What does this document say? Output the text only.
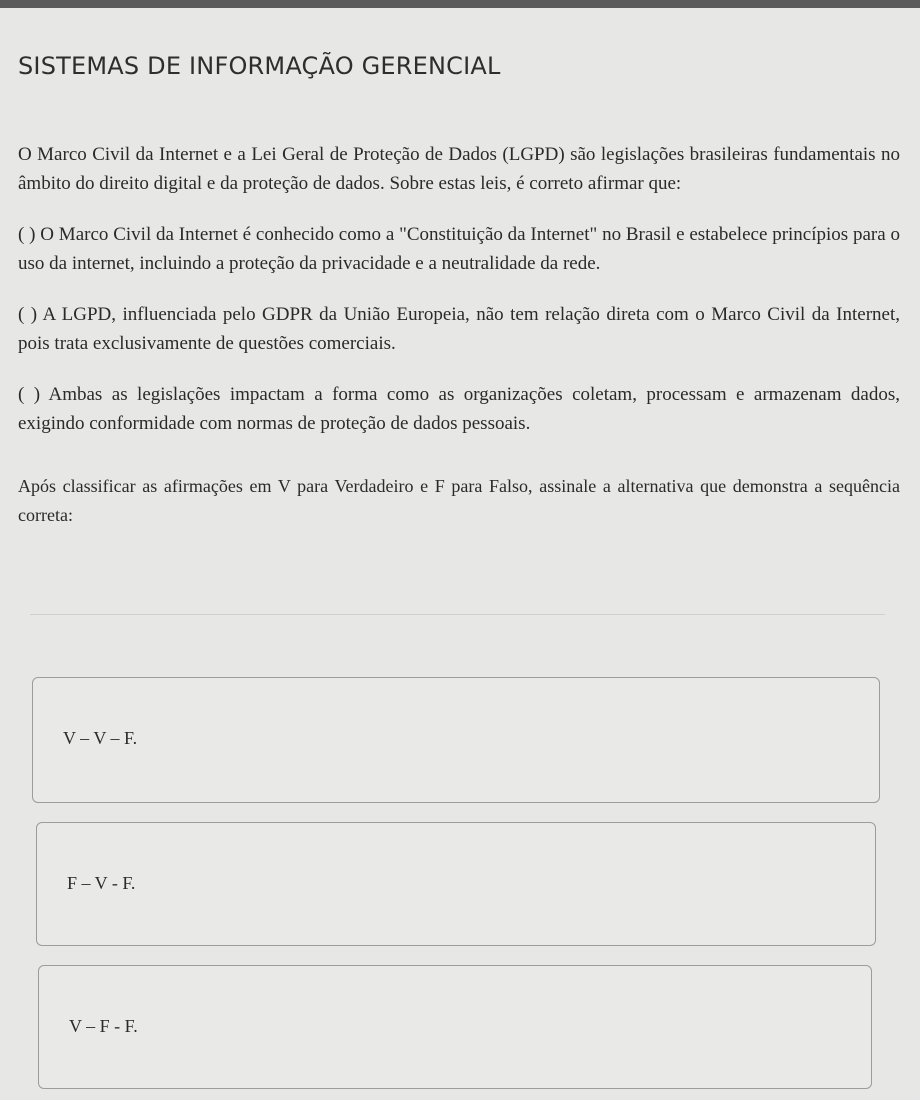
SISTEMAS DE INFORMAÇÃO GERENCIAL

O Marco Civil da Internet e a Lei Geral de Proteção de Dados (LGPD) são legislações brasileiras fundamentais no âmbito do direito digital e da proteção de dados. Sobre estas leis, é correto afirmar que:

( ) O Marco Civil da Internet é conhecido como a "Constituição da Internet" no Brasil e estabelece princípios para o uso da internet, incluindo a proteção da privacidade e a neutralidade da rede.

( ) A LGPD, influenciada pelo GDPR da União Europeia, não tem relação direta com o Marco Civil da Internet, pois trata exclusivamente de questões comerciais.

( ) Ambas as legislações impactam a forma como as organizações coletam, processam e armazenam dados, exigindo conformidade com normas de proteção de dados pessoais.

Após classificar as afirmações em V para Verdadeiro e F para Falso, assinale a alternativa que demonstra a sequência correta:

V – V – F.
F – V - F.
V – F - F.
